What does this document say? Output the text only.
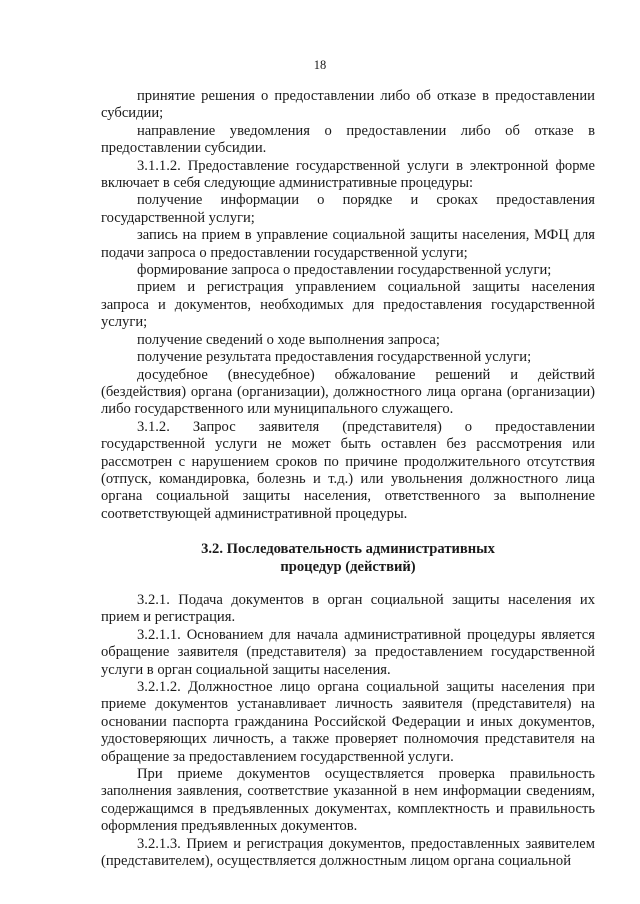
18

принятие решения о предоставлении либо об отказе в предоставлении субсидии;

направление уведомления о предоставлении либо об отказе в предоставлении субсидии.

3.1.1.2. Предоставление государственной услуги в электронной форме включает в себя следующие административные процедуры:

получение информации о порядке и сроках предоставления государственной услуги;

запись на прием в управление социальной защиты населения, МФЦ для подачи запроса о предоставлении государственной услуги;

формирование запроса о предоставлении государственной услуги;

прием и регистрация управлением социальной защиты населения запроса и документов, необходимых для предоставления государственной услуги;

получение сведений о ходе выполнения запроса;

получение результата предоставления государственной услуги;

досудебное (внесудебное) обжалование решений и действий (бездействия) органа (организации), должностного лица органа (организации) либо государственного или муниципального служащего.

3.1.2. Запрос заявителя (представителя) о предоставлении государственной услуги не может быть оставлен без рассмотрения или рассмотрен с нарушением сроков по причине продолжительного отсутствия (отпуск, командировка, болезнь и т.д.) или увольнения должностного лица органа социальной защиты населения, ответственного за выполнение соответствующей административной процедуры.

3.2. Последовательность административных
процедур (действий)

3.2.1. Подача документов в орган социальной защиты населения их прием и регистрация.

3.2.1.1. Основанием для начала административной процедуры является обращение заявителя (представителя) за предоставлением государственной услуги в орган социальной защиты населения.

3.2.1.2. Должностное лицо органа социальной защиты населения при приеме документов устанавливает личность заявителя (представителя) на основании паспорта гражданина Российской Федерации и иных документов, удостоверяющих личность, а также проверяет полномочия представителя на обращение за предоставлением государственной услуги.

При приеме документов осуществляется проверка правильность заполнения заявления, соответствие указанной в нем информации сведениям, содержащимся в предъявленных документах, комплектность и правильность оформления предъявленных документов.

3.2.1.3. Прием и регистрация документов, предоставленных заявителем (представителем), осуществляется должностным лицом органа социальной
